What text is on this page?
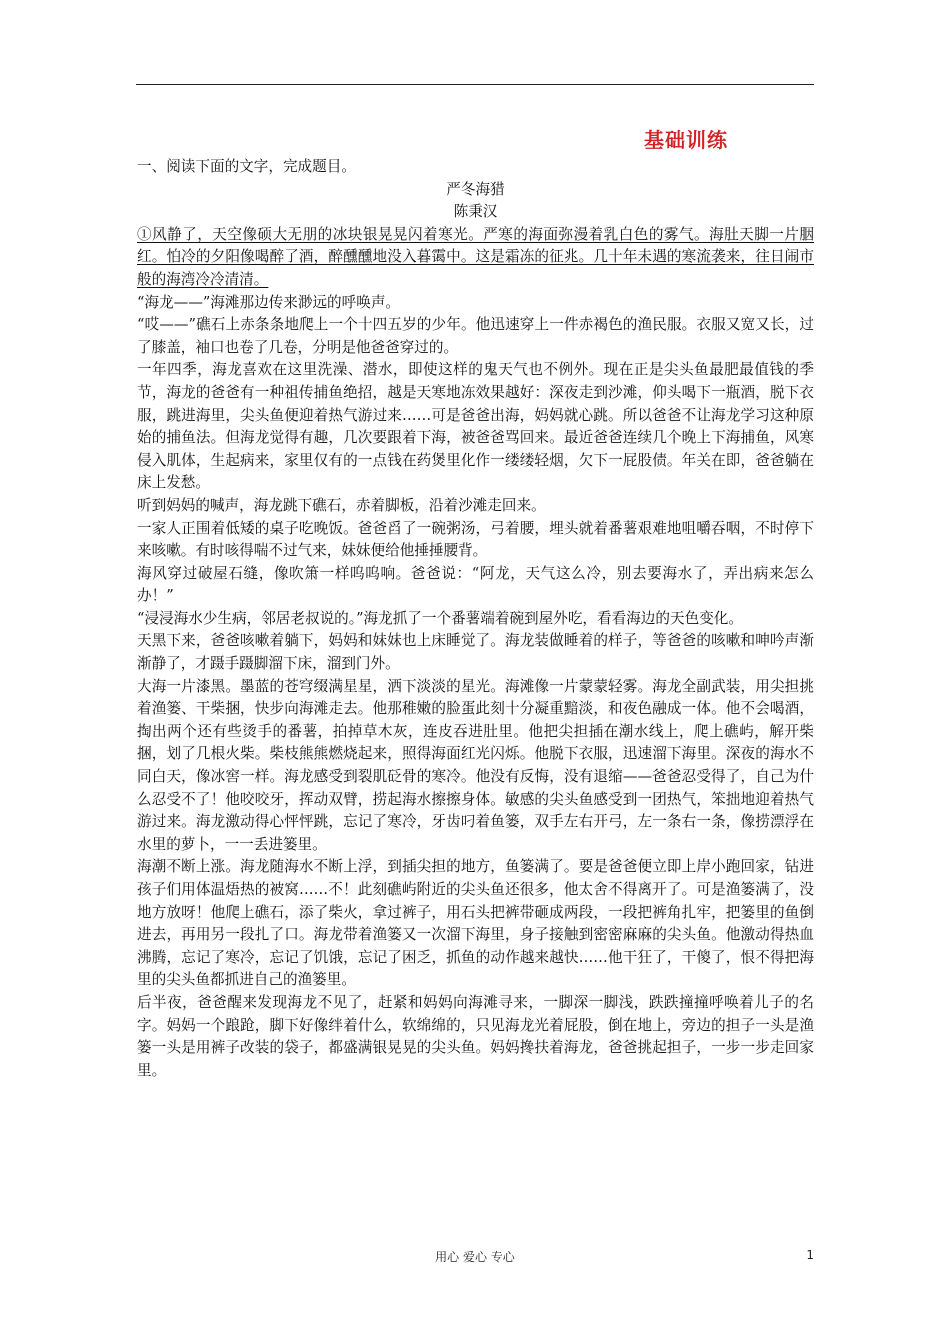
基础训练

一、阅读下面的文字，完成题目。

严冬海猎

陈秉汉

①风静了，天空像硕大无朋的冰块银晃晃闪着寒光。严寒的海面弥漫着乳白色的雾气。海肚天脚一片胭红。怕冷的夕阳像喝醉了酒，醉醺醺地没入暮霭中。这是霜冻的征兆。几十年未遇的寒流袭来，往日闹市般的海湾冷冷清清。

“海龙——”海滩那边传来渺远的呼唤声。

“哎——”礁石上赤条条地爬上一个十四五岁的少年。他迅速穿上一件赤褐色的渔民服。衣服又宽又长，过了膝盖，袖口也卷了几卷，分明是他爸爸穿过的。

一年四季，海龙喜欢在这里洗澡、潜水，即使这样的鬼天气也不例外。现在正是尖头鱼最肥最值钱的季节，海龙的爸爸有一种祖传捕鱼绝招，越是天寒地冻效果越好：深夜走到沙滩，仰头喝下一瓶酒，脱下衣服，跳进海里，尖头鱼便迎着热气游过来……可是爸爸出海，妈妈就心跳。所以爸爸不让海龙学习这种原始的捕鱼法。但海龙觉得有趣，几次要跟着下海，被爸爸骂回来。最近爸爸连续几个晚上下海捕鱼，风寒侵入肌体，生起病来，家里仅有的一点钱在药煲里化作一缕缕轻烟，欠下一屁股债。年关在即，爸爸躺在床上发愁。

听到妈妈的喊声，海龙跳下礁石，赤着脚板，沿着沙滩走回来。

一家人正围着低矮的桌子吃晚饭。爸爸舀了一碗粥汤，弓着腰，埋头就着番薯艰难地咀嚼吞咽，不时停下来咳嗽。有时咳得喘不过气来，妹妹便给他捶捶腰背。

海风穿过破屋石缝，像吹箫一样呜呜响。爸爸说：“阿龙，天气这么冷，别去要海水了，弄出病来怎么办！”

“浸浸海水少生病，邻居老叔说的。”海龙抓了一个番薯端着碗到屋外吃，看看海边的天色变化。

天黑下来，爸爸咳嗽着躺下，妈妈和妹妹也上床睡觉了。海龙装做睡着的样子，等爸爸的咳嗽和呻吟声渐渐静了，才蹑手蹑脚溜下床，溜到门外。

大海一片漆黑。墨蓝的苍穹缀满星星，洒下淡淡的星光。海滩像一片蒙蒙轻雾。海龙全副武装，用尖担挑着渔篓、干柴捆，快步向海滩走去。他那稚嫩的脸蛋此刻十分凝重黯淡，和夜色融成一体。他不会喝酒，掏出两个还有些烫手的番薯，拍掉草木灰，连皮吞进肚里。他把尖担插在潮水线上，爬上礁屿，解开柴捆，划了几根火柴。柴枝熊熊燃烧起来，照得海面红光闪烁。他脱下衣服，迅速溜下海里。深夜的海水不同白天，像冰窖一样。海龙感受到裂肌砭骨的寒冷。他没有反悔，没有退缩——爸爸忍受得了，自己为什么忍受不了！他咬咬牙，挥动双臂，捞起海水擦擦身体。敏感的尖头鱼感受到一团热气，笨拙地迎着热气游过来。海龙激动得心怦怦跳，忘记了寒冷，牙齿叼着鱼篓，双手左右开弓，左一条右一条，像捞漂浮在水里的萝卜，一一丢进篓里。

海潮不断上涨。海龙随海水不断上浮，到插尖担的地方，鱼篓满了。要是爸爸便立即上岸小跑回家，钻进孩子们用体温焐热的被窝……不！此刻礁屿附近的尖头鱼还很多，他太舍不得离开了。可是渔篓满了，没地方放呀！他爬上礁石，添了柴火，拿过裤子，用石头把裤带砸成两段，一段把裤角扎牢，把篓里的鱼倒进去，再用另一段扎了口。海龙带着渔篓又一次溜下海里，身子接触到密密麻麻的尖头鱼。他激动得热血沸腾，忘记了寒冷，忘记了饥饿，忘记了困乏，抓鱼的动作越来越快……他干狂了，干傻了，恨不得把海里的尖头鱼都抓进自己的渔篓里。

后半夜，爸爸醒来发现海龙不见了，赶紧和妈妈向海滩寻来，一脚深一脚浅，跌跌撞撞呼唤着儿子的名字。妈妈一个踉跄，脚下好像绊着什么，软绵绵的，只见海龙光着屁股，倒在地上，旁边的担子一头是渔篓一头是用裤子改装的袋子，都盛满银晃晃的尖头鱼。妈妈搀扶着海龙，爸爸挑起担子，一步一步走回家里。

用心 爱心 专心	1
